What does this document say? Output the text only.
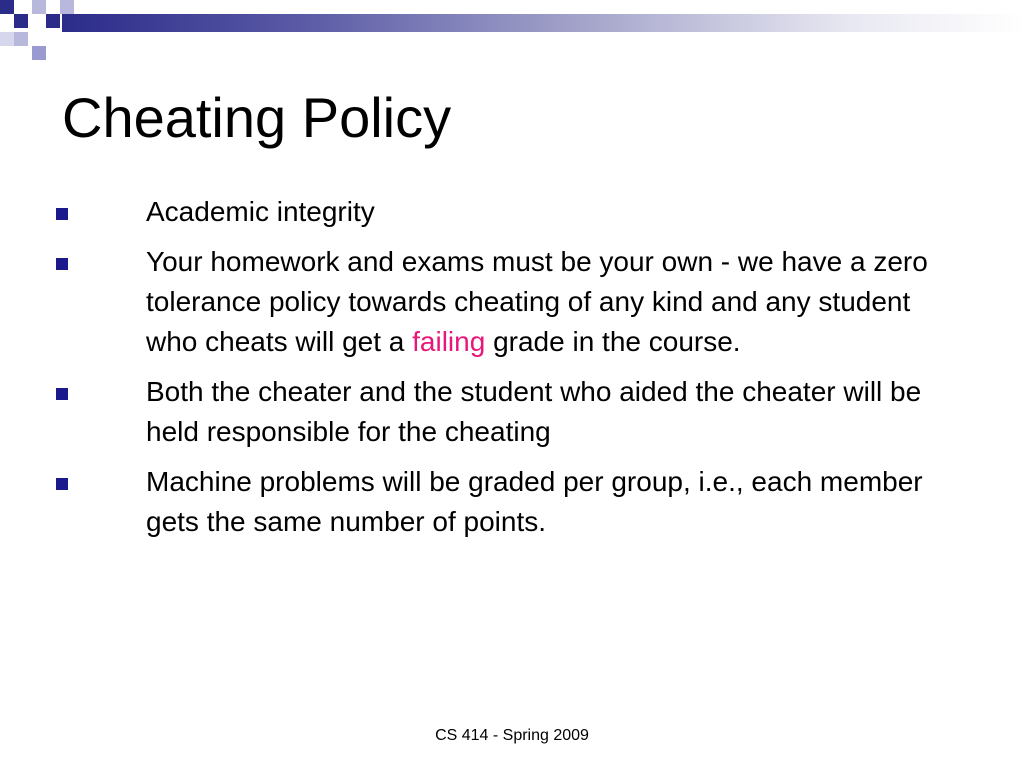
Cheating Policy
Academic integrity
Your homework and exams must be your own - we have a zero tolerance policy towards cheating of any kind and any student who cheats will get a failing grade in the course.
Both the cheater and the student who aided the cheater will be held responsible for the cheating
Machine problems will be graded per group, i.e., each member gets the same number of points.
CS 414 - Spring 2009
